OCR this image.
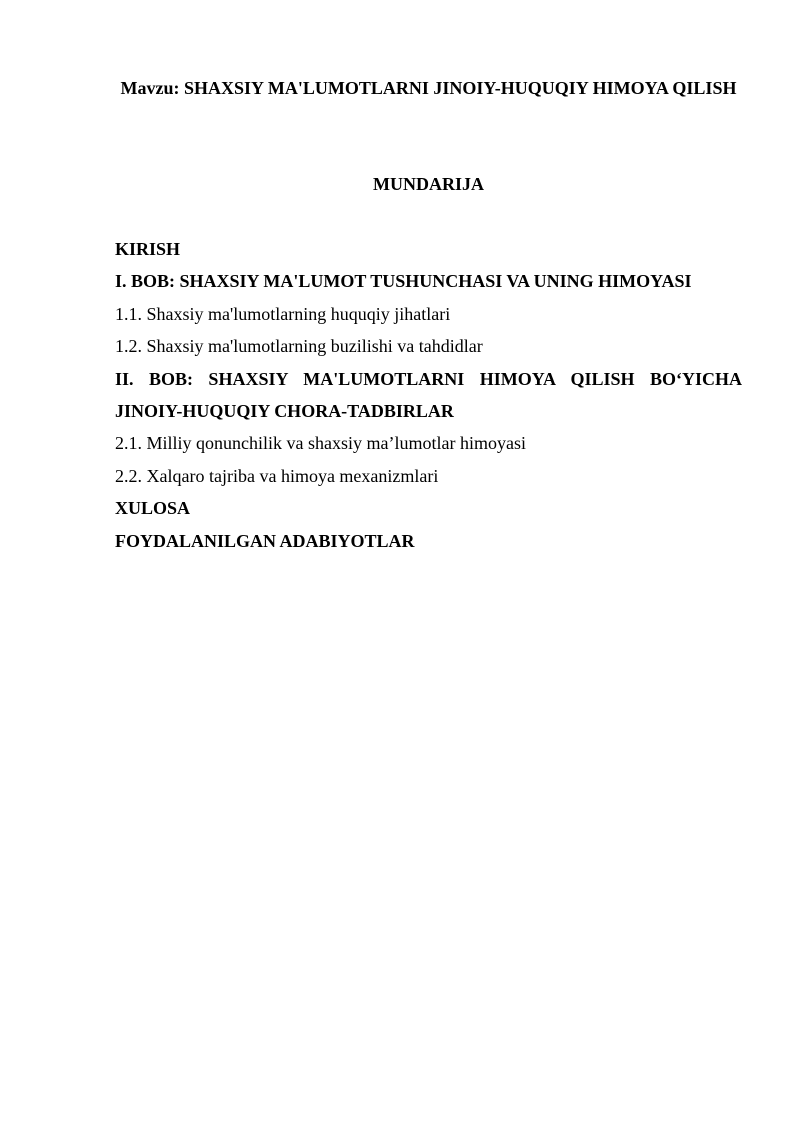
Mavzu: SHAXSIY MA'LUMOTLARNI JINOIY-HUQUQIY HIMOYA QILISH
MUNDARIJA
KIRISH
I. BOB: SHAXSIY MA'LUMOT TUSHUNCHASI VA UNING HIMOYASI
1.1. Shaxsiy ma'lumotlarning huquqiy jihatlari
1.2. Shaxsiy ma'lumotlarning buzilishi va tahdidlar
II. BOB: SHAXSIY MA'LUMOTLARNI HIMOYA QILISH BO‘YICHA
JINOIY-HUQUQIY CHORA-TADBIRLAR
2.1. Milliy qonunchilik va shaxsiy ma’lumotlar himoyasi
2.2. Xalqaro tajriba va himoya mexanizmlari
XULOSA
FOYDALANILGAN ADABIYOTLAR
